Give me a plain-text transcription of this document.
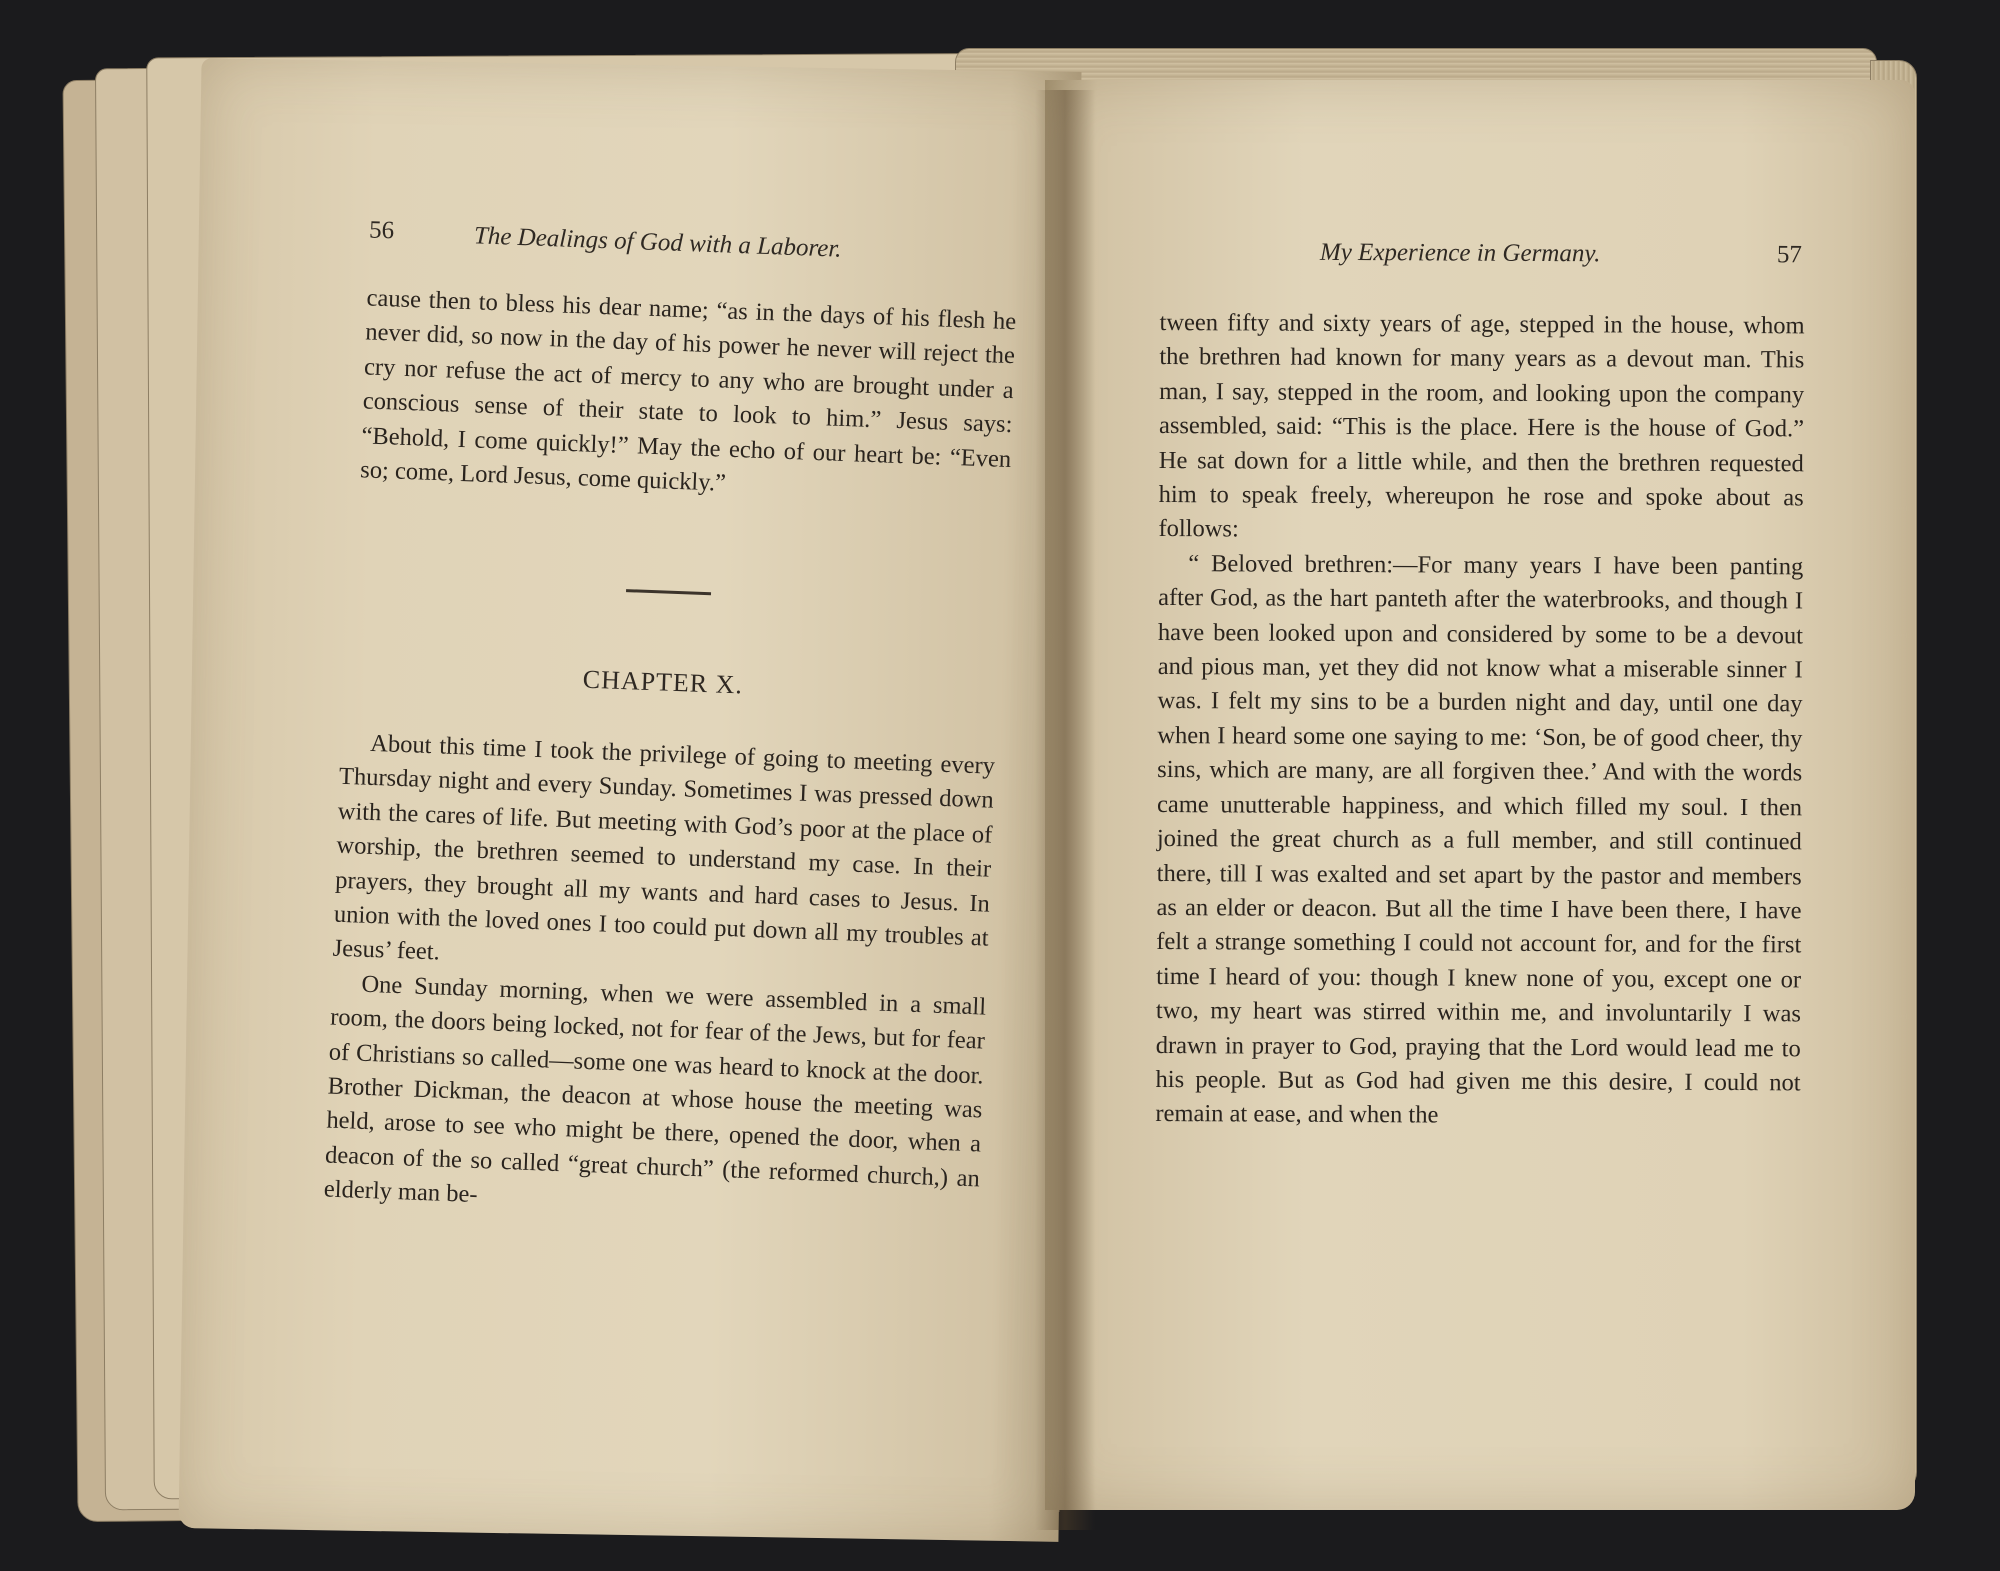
56	The Dealings of God with a Laborer.

cause then to bless his dear name; “as in the days of his flesh he never did, so now in the day of his power he never will reject the cry nor refuse the act of mercy to any who are brought under a conscious sense of their state to look to him.” Jesus says: “Behold, I come quickly!” May the echo of our heart be: “Even so; come, Lord Jesus, come quickly.”

CHAPTER X.

About this time I took the privilege of going to meeting every Thursday night and every Sunday. Sometimes I was pressed down with the cares of life. But meeting with God’s poor at the place of worship, the brethren seemed to understand my case. In their prayers, they brought all my wants and hard cases to Jesus. In union with the loved ones I too could put down all my troubles at Jesus’ feet.

One Sunday morning, when we were assembled in a small room, the doors being locked, not for fear of the Jews, but for fear of Christians so called—some one was heard to knock at the door. Brother Dickman, the deacon at whose house the meeting was held, arose to see who might be there, opened the door, when a deacon of the so called “great church” (the reformed church,) an elderly man be-

My Experience in Germany.	57

tween fifty and sixty years of age, stepped in the house, whom the brethren had known for many years as a devout man. This man, I say, stepped in the room, and looking upon the company assembled, said: “This is the place. Here is the house of God.” He sat down for a little while, and then the brethren requested him to speak freely, whereupon he rose and spoke about as follows:

“ Beloved brethren:—For many years I have been panting after God, as the hart panteth after the waterbrooks, and though I have been looked upon and considered by some to be a devout and pious man, yet they did not know what a miserable sinner I was. I felt my sins to be a burden night and day, until one day when I heard some one saying to me: ‘Son, be of good cheer, thy sins, which are many, are all forgiven thee.’ And with the words came unutterable happiness, and which filled my soul. I then joined the great church as a full member, and still continued there, till I was exalted and set apart by the pastor and members as an elder or deacon. But all the time I have been there, I have felt a strange something I could not account for, and for the first time I heard of you: though I knew none of you, except one or two, my heart was stirred within me, and involuntarily I was drawn in prayer to God, praying that the Lord would lead me to his people. But as God had given me this desire, I could not remain at ease, and when the
